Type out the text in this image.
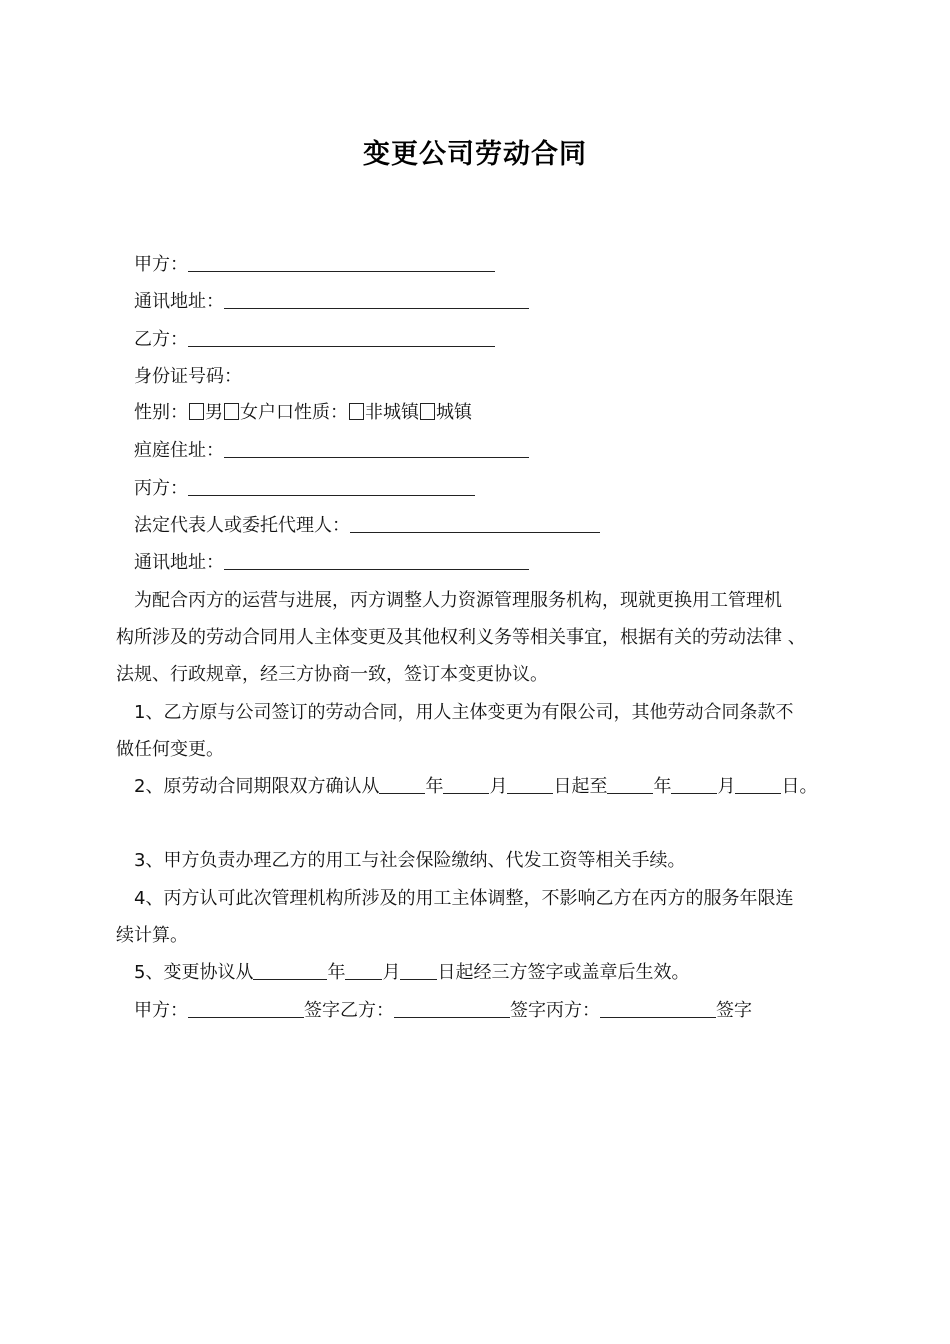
变更公司劳动合同
甲方：
通讯地址：
乙方：
身份证号码：
性别： 男 女户口性质： 非城镇 城镇
疸庭住址：
丙方：
法定代表人或委托代理人：
通讯地址：
为配合丙方的运营与进展，丙方调整人力资源管理服务机构，现就更换用工管理机
构所涉及的劳动合同用人主体变更及其他权利义务等相关事宜，根据有关的劳动法律 、
法规、行政规章，经三方协商一致，签订本变更协议。
1、乙方原与公司签订的劳动合同，用人主体变更为有限公司，其他劳动合同条款不
做任何变更。
2、原劳动合同期限双方确认从	年	月	日起至	年	月	日。
3、甲方负责办理乙方的用工与社会保险缴纳、代发工资等相关手续。
4、丙方认可此次管理机构所涉及的用工主体调整，不影响乙方在丙方的服务年限连
续计算。
5、变更协议从	年 月 日起经三方签字或盖章后生效。
甲方：	签字乙方：	签字丙方：	签字
